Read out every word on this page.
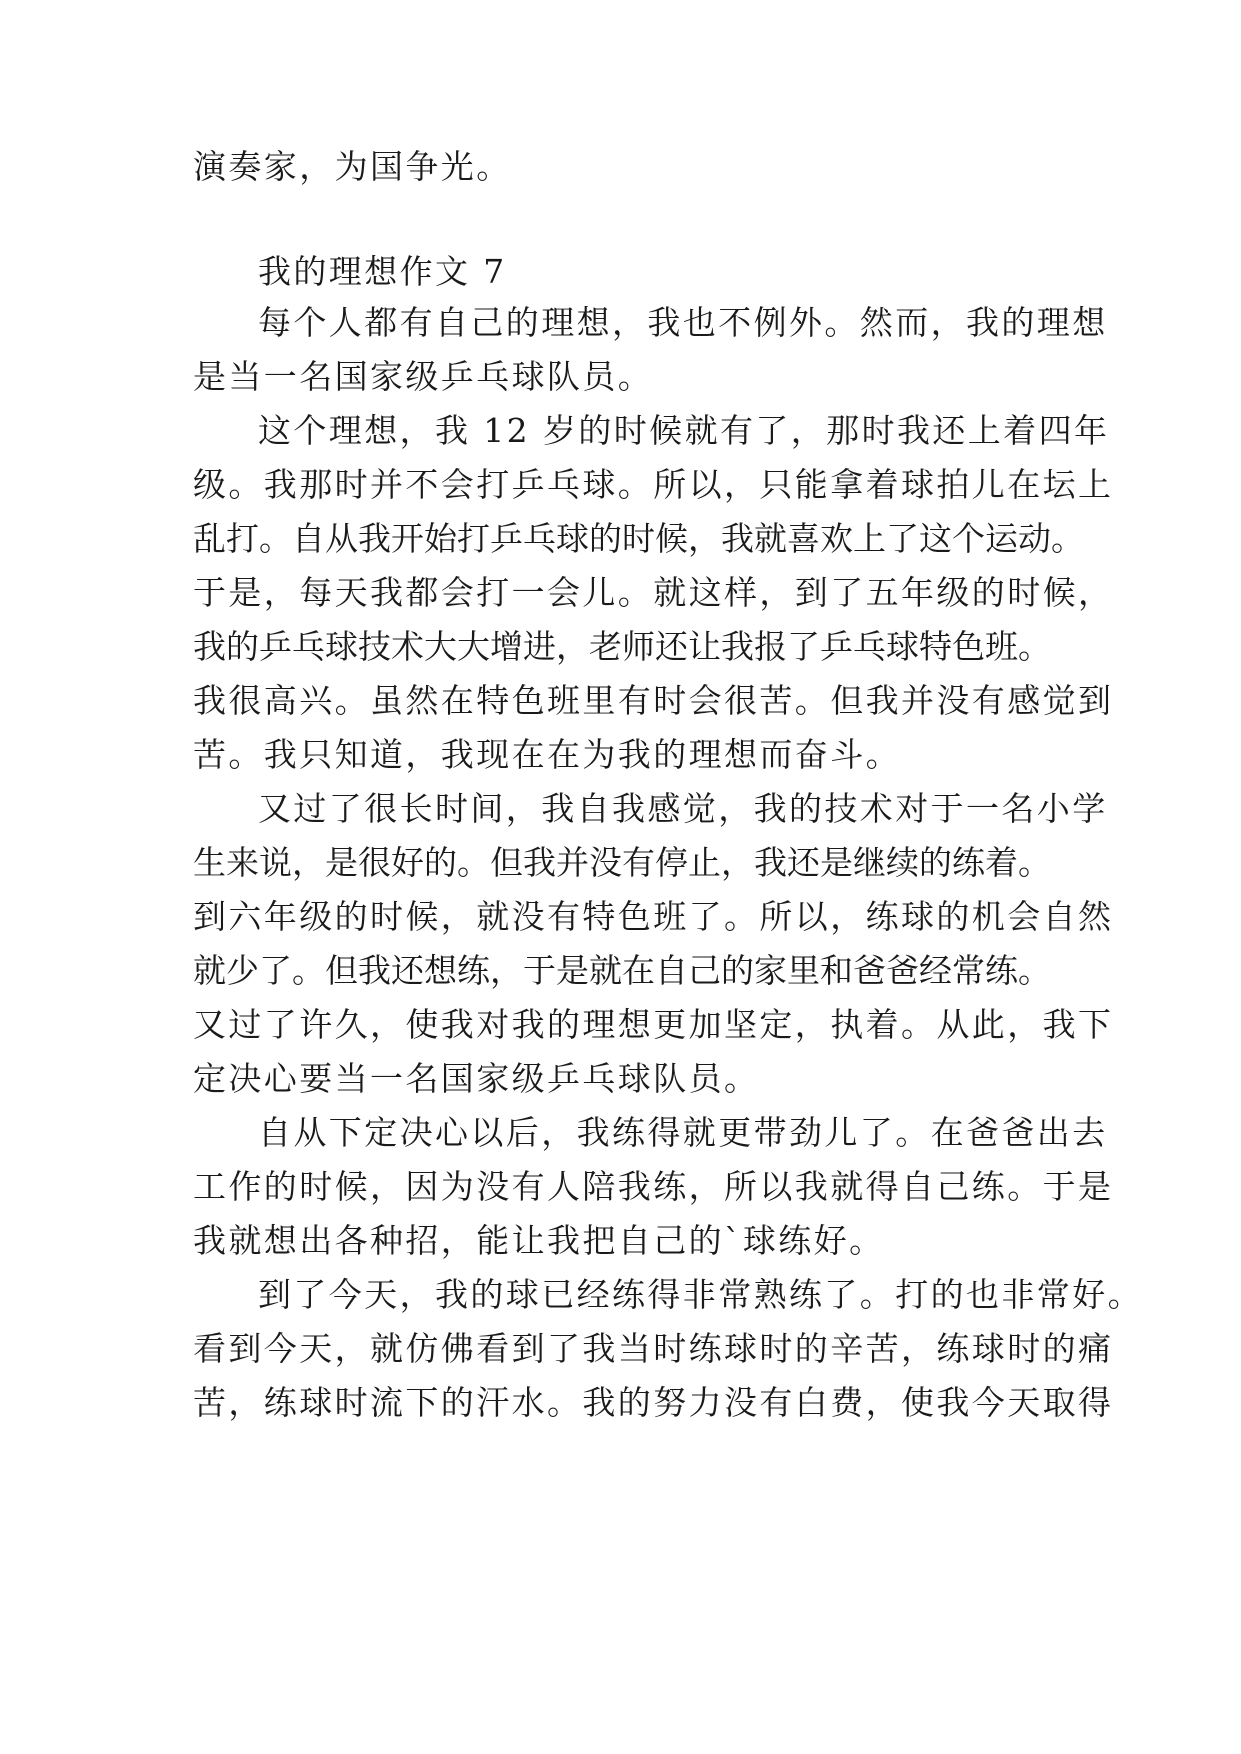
演奏家，为国争光。
我的理想作文 7
每个人都有自己的理想，我也不例外。然而，我的理想
是当一名国家级乒乓球队员。
这个理想，我 12 岁的时候就有了，那时我还上着四年
级。我那时并不会打乒乓球。所以，只能拿着球拍儿在坛上
乱打。自从我开始打乒乓球的时候，我就喜欢上了这个运动。
于是，每天我都会打一会儿。就这样，到了五年级的时候，
我的乒乓球技术大大增进，老师还让我报了乒乓球特色班。
我很高兴。虽然在特色班里有时会很苦。但我并没有感觉到
苦。我只知道，我现在在为我的理想而奋斗。
又过了很长时间，我自我感觉，我的技术对于一名小学
生来说，是很好的。但我并没有停止，我还是继续的练着。
到六年级的时候，就没有特色班了。所以，练球的机会自然
就少了。但我还想练，于是就在自己的家里和爸爸经常练。
又过了许久，使我对我的理想更加坚定，执着。从此，我下
定决心要当一名国家级乒乓球队员。
自从下定决心以后，我练得就更带劲儿了。在爸爸出去
工作的时候，因为没有人陪我练，所以我就得自己练。于是
我就想出各种招，能让我把自己的`球练好。
到了今天，我的球已经练得非常熟练了。打的也非常好。
看到今天，就仿佛看到了我当时练球时的辛苦，练球时的痛
苦，练球时流下的汗水。我的努力没有白费，使我今天取得
